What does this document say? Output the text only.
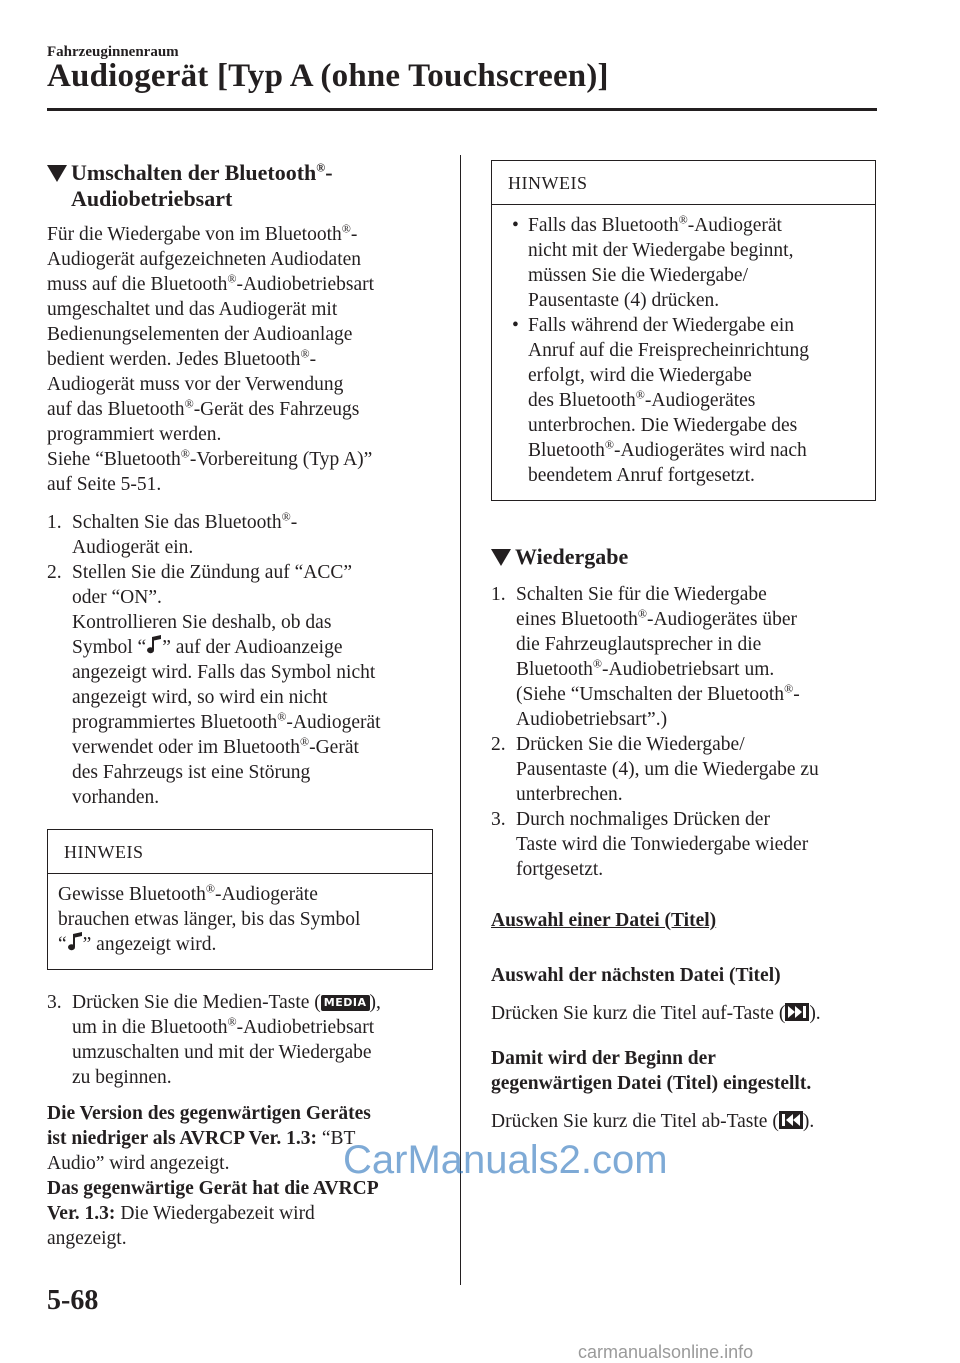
Fahrzeuginnenraum
Audiogerät [Typ A (ohne Touchscreen)]
Umschalten der Bluetooth®-
Audiobetriebsart

Für die Wiedergabe von im Bluetooth®-
Audiogerät aufgezeichneten Audiodaten
muss auf die Bluetooth®-Audiobetriebsart
umgeschaltet und das Audiogerät mit
Bedienungselementen der Audioanlage
bedient werden. Jedes Bluetooth®-
Audiogerät muss vor der Verwendung
auf das Bluetooth®-Gerät des Fahrzeugs
programmiert werden.
Siehe “Bluetooth®-Vorbereitung (Typ A)”
auf Seite 5-51.

1. Schalten Sie das Bluetooth®-
Audiogerät ein.
2. Stellen Sie die Zündung auf “ACC”
oder “ON”.
Kontrollieren Sie deshalb, ob das
Symbol “ ” auf der Audioanzeige
angezeigt wird. Falls das Symbol nicht
angezeigt wird, so wird ein nicht
programmiertes Bluetooth®-Audiogerät
verwendet oder im Bluetooth®-Gerät
des Fahrzeugs ist eine Störung
vorhanden.
HINWEIS
Gewisse Bluetooth®-Audiogeräte
brauchen etwas länger, bis das Symbol
“ ” angezeigt wird.
3. Drücken Sie die Medien-Taste ( MEDIA ),
um in die Bluetooth®-Audiobetriebsart
umzuschalten und mit der Wiedergabe
zu beginnen.

Die Version des gegenwärtigen Gerätes
ist niedriger als AVRCP Ver. 1.3: “BT
Audio” wird angezeigt.
Das gegenwärtige Gerät hat die AVRCP
Ver. 1.3: Die Wiedergabezeit wird
angezeigt.

HINWEIS
• Falls das Bluetooth®-Audiogerät
nicht mit der Wiedergabe beginnt,
müssen Sie die Wiedergabe/
Pausentaste (4) drücken.
• Falls während der Wiedergabe ein
Anruf auf die Freisprecheinrichtung
erfolgt, wird die Wiedergabe
des Bluetooth®-Audiogerätes
unterbrochen. Die Wiedergabe des
Bluetooth®-Audiogerätes wird nach
beendetem Anruf fortgesetzt.
Wiedergabe
1. Schalten Sie für die Wiedergabe
eines Bluetooth®-Audiogerätes über
die Fahrzeuglautsprecher in die
Bluetooth®-Audiobetriebsart um.
(Siehe “Umschalten der Bluetooth®-
Audiobetriebsart”.)
2. Drücken Sie die Wiedergabe/
Pausentaste (4), um die Wiedergabe zu
unterbrechen.
3. Durch nochmaliges Drücken der
Taste wird die Tonwiedergabe wieder
fortgesetzt.

Auswahl einer Datei (Titel)

Auswahl der nächsten Datei (Titel)

Drücken Sie kurz die Titel auf-Taste ( ).

Damit wird der Beginn der
gegenwärtigen Datei (Titel) eingestellt.

Drücken Sie kurz die Titel ab-Taste ( ).

5-68
CarManuals2.com
carmanualsonline.info
